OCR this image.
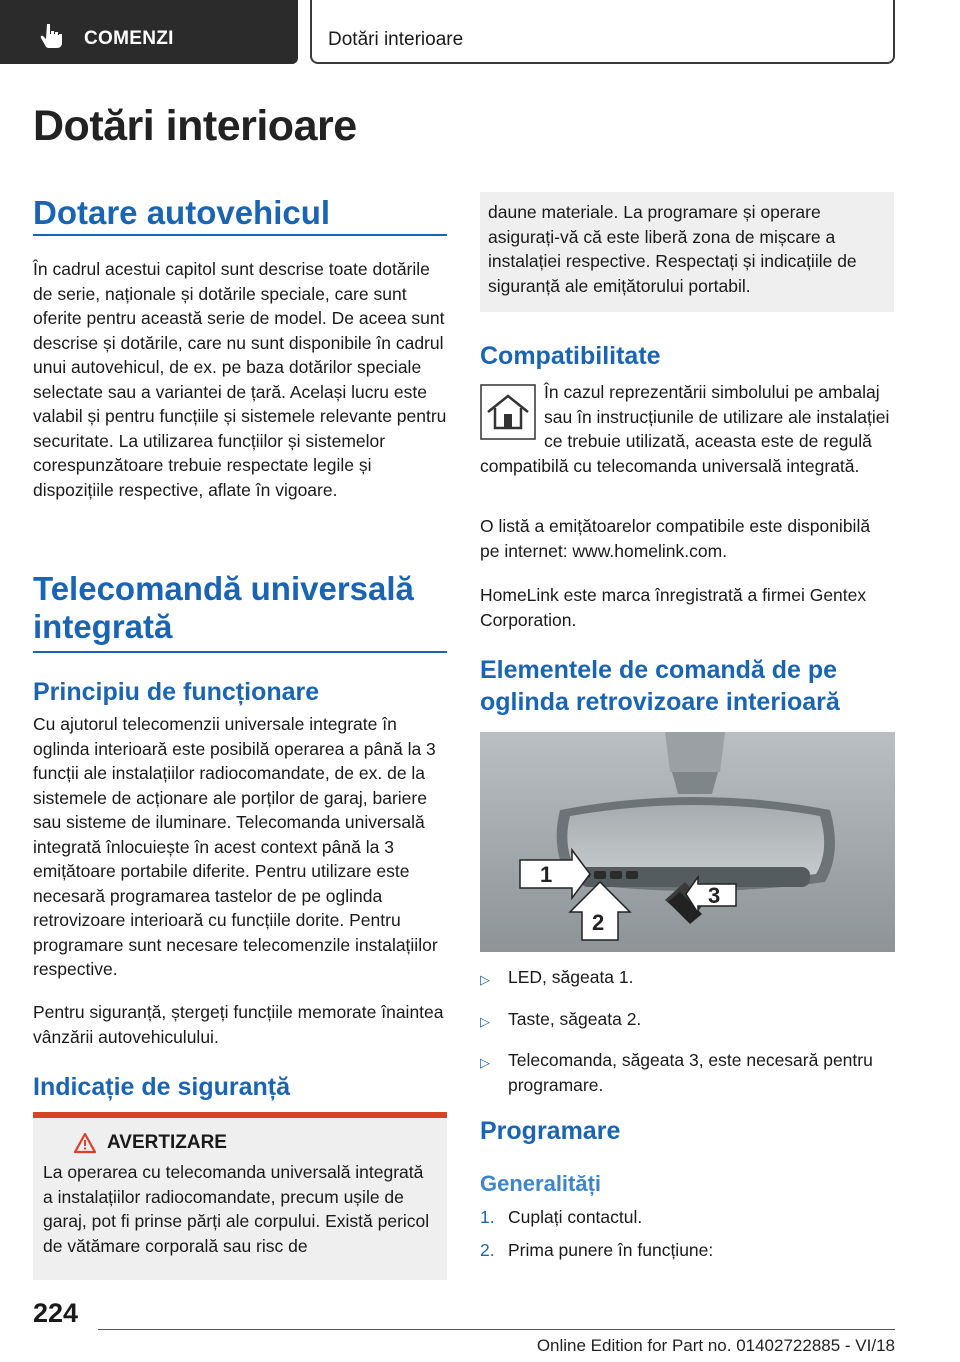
COMENZI	Dotări interioare
Dotări interioare
Dotare autovehicul

În cadrul acestui capitol sunt descrise toate dotările de serie, naționale și dotările speciale, care sunt oferite pentru această serie de model. De aceea sunt descrise și dotările, care nu sunt disponibile în cadrul unui autovehicul, de ex. pe baza dotărilor speciale selectate sau a variantei de țară. Același lucru este valabil și pentru funcțiile și sistemele relevante pentru securitate. La utilizarea funcțiilor și sistemelor corespunzătoare trebuie respectate legile și dispozițiile respective, aflate în vigoare.

Telecomandă universală integrată
Principiu de funcționare

Cu ajutorul telecomenzii universale integrate în oglinda interioară este posibilă operarea a până la 3 funcții ale instalațiilor radiocomandate, de ex. de la sistemele de acționare ale porților de garaj, bariere sau sisteme de iluminare. Telecomanda universală integrată înlocuiește în acest context până la 3 emițătoare portabile diferite. Pentru utilizare este necesară programarea tastelor de pe oglinda retrovizoare interioară cu funcțiile dorite. Pentru programare sunt necesare telecomenzile instalațiilor respective.

Pentru siguranță, ștergeți funcțiile memorate înaintea vânzării autovehiculului.

Indicație de siguranță
AVERTIZARE

La operarea cu telecomanda universală integrată a instalațiilor radiocomandate, precum ușile de garaj, pot fi prinse părți ale corpului. Există pericol de vătămare corporală sau risc de

daune materiale. La programare și operare asigurați-vă că este liberă zona de mișcare a instalației respective. Respectați și indicațiile de siguranță ale emițătorului portabil.

Compatibilitate

În cazul reprezentării simbolului pe ambalaj sau în instrucțiunile de utilizare ale instalației ce trebuie utilizată, aceasta este de regulă compatibilă cu telecomanda universală integrată.

O listă a emițătoarelor compatibile este disponibilă pe internet: www.homelink.com.

HomeLink este marca înregistrată a firmei Gentex Corporation.

Elementele de comandă de pe oglinda retrovizoare interioară
1
2
3
▷	LED, săgeata 1.
▷	Taste, săgeata 2.
▷	Telecomanda, săgeata 3, este necesară pentru programare.
Programare
Generalități
1. Cuplați contactul.
2. Prima punere în funcțiune:
224
Online Edition for Part no. 01402722885 - VI/18
